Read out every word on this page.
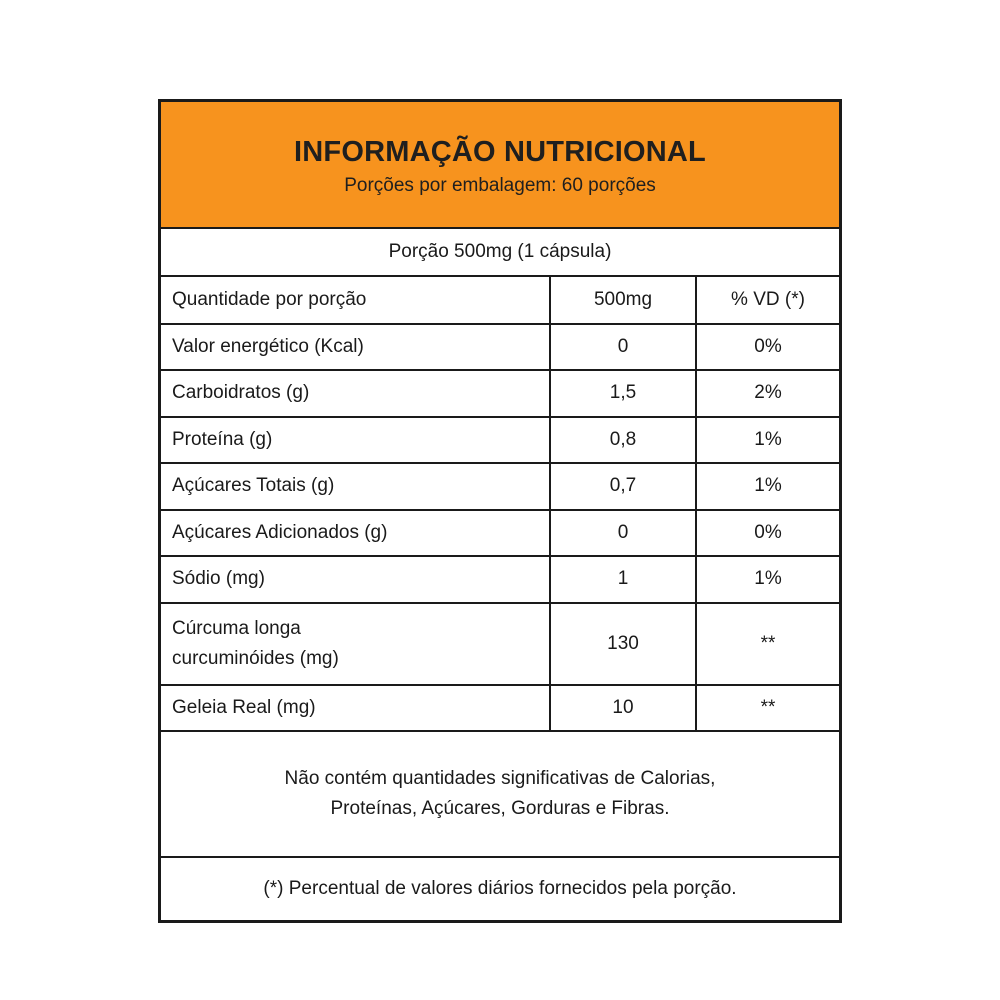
INFORMAÇÃO NUTRICIONAL
Porções por embalagem: 60 porções
Porção 500mg (1 cápsula)
Quantidade por porção	500mg	% VD (*)
Valor energético (Kcal)	0	0%
Carboidratos (g)	1,5	2%
Proteína (g)	0,8	1%
Açúcares Totais (g)	0,7	1%
Açúcares Adicionados (g)	0	0%
Sódio (mg)	1	1%

Cúrcuma longa
curcuminóides (mg)	130	**
Geleia Real (mg)	10	**
Não contém quantidades significativas de Calorias,
Proteínas, Açúcares, Gorduras e Fibras.
(*) Percentual de valores diários fornecidos pela porção.
